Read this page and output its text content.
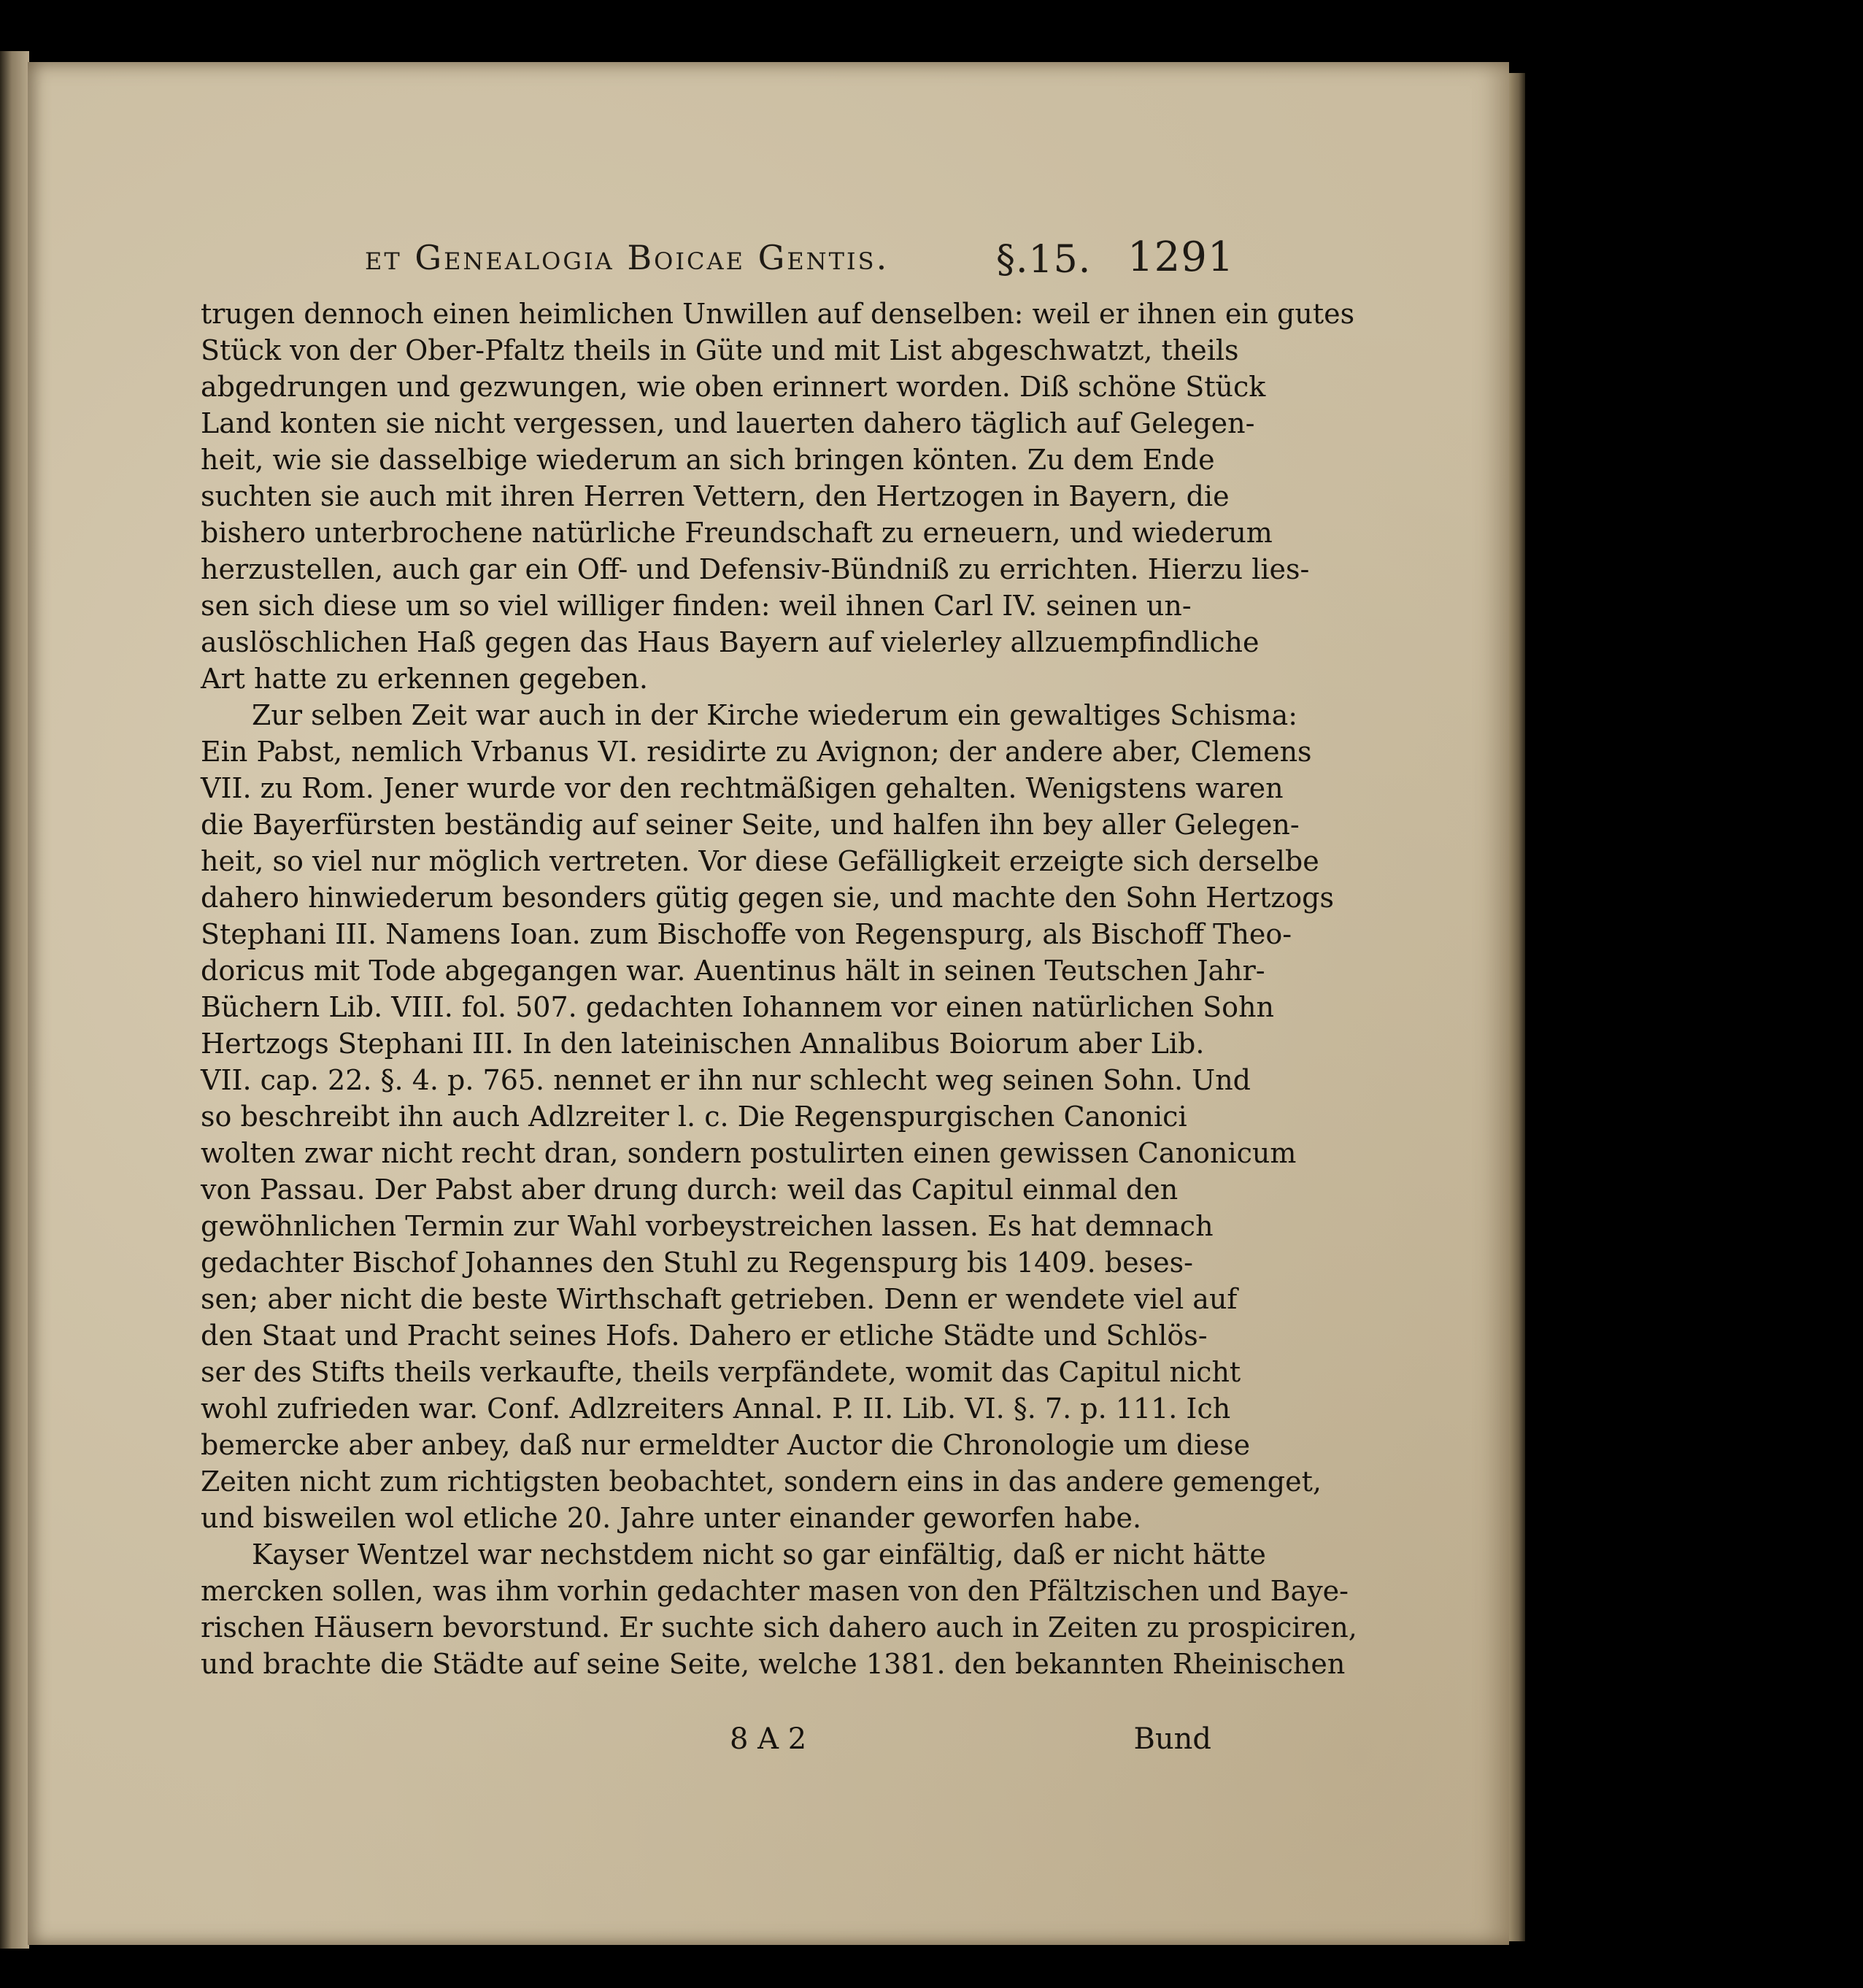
et Genealogia Boicae Gentis.	§.15. 1291
trugen dennoch einen heimlichen Unwillen auf denselben: weil er ihnen ein gutes
Stück von der Ober-Pfaltz theils in Güte und mit List abgeschwatzt, theils
abgedrungen und gezwungen, wie oben erinnert worden. Diß schöne Stück
Land konten sie nicht vergessen, und lauerten dahero täglich auf Gelegen-
heit, wie sie dasselbige wiederum an sich bringen könten. Zu dem Ende
suchten sie auch mit ihren Herren Vettern, den Hertzogen in Bayern, die
bishero unterbrochene natürliche Freundschaft zu erneuern, und wiederum
herzustellen, auch gar ein Off- und Defensiv-Bündniß zu errichten. Hierzu lies-
sen sich diese um so viel williger finden: weil ihnen Carl IV. seinen un-
auslöschlichen Haß gegen das Haus Bayern auf vielerley allzuempfindliche
Art hatte zu erkennen gegeben.
Zur selben Zeit war auch in der Kirche wiederum ein gewaltiges Schisma:
Ein Pabst, nemlich Vrbanus VI. residirte zu Avignon; der andere aber, Clemens
VII. zu Rom. Jener wurde vor den rechtmäßigen gehalten. Wenigstens waren
die Bayerfürsten beständig auf seiner Seite, und halfen ihn bey aller Gelegen-
heit, so viel nur möglich vertreten. Vor diese Gefälligkeit erzeigte sich derselbe
dahero hinwiederum besonders gütig gegen sie, und machte den Sohn Hertzogs
Stephani III. Namens Ioan. zum Bischoffe von Regenspurg, als Bischoff Theo-
doricus mit Tode abgegangen war. Auentinus hält in seinen Teutschen Jahr-
Büchern Lib. VIII. fol. 507. gedachten Iohannem vor einen natürlichen Sohn
Hertzogs Stephani III. In den lateinischen Annalibus Boiorum aber Lib.
VII. cap. 22. §. 4. p. 765. nennet er ihn nur schlecht weg seinen Sohn. Und
so beschreibt ihn auch Adlzreiter l. c. Die Regenspurgischen Canonici
wolten zwar nicht recht dran, sondern postulirten einen gewissen Canonicum
von Passau. Der Pabst aber drung durch: weil das Capitul einmal den
gewöhnlichen Termin zur Wahl vorbeystreichen lassen. Es hat demnach
gedachter Bischof Johannes den Stuhl zu Regenspurg bis 1409. beses-
sen; aber nicht die beste Wirthschaft getrieben. Denn er wendete viel auf
den Staat und Pracht seines Hofs. Dahero er etliche Städte und Schlös-
ser des Stifts theils verkaufte, theils verpfändete, womit das Capitul nicht
wohl zufrieden war. Conf. Adlzreiters Annal. P. II. Lib. VI. §. 7. p. 111. Ich
bemercke aber anbey, daß nur ermeldter Auctor die Chronologie um diese
Zeiten nicht zum richtigsten beobachtet, sondern eins in das andere gemenget,
und bisweilen wol etliche 20. Jahre unter einander geworfen habe.
Kayser Wentzel war nechstdem nicht so gar einfältig, daß er nicht hätte
mercken sollen, was ihm vorhin gedachter masen von den Pfältzischen und Baye-
rischen Häusern bevorstund. Er suchte sich dahero auch in Zeiten zu prospiciren,
und brachte die Städte auf seine Seite, welche 1381. den bekannten Rheinischen
8 A 2	Bund
